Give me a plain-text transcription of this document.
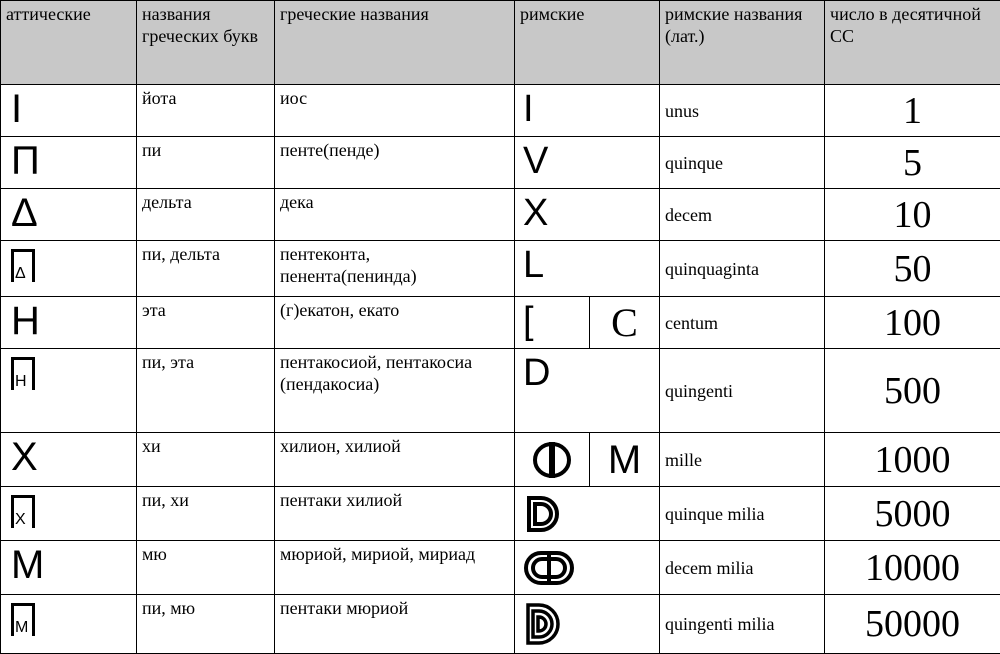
аттические	названия греческих букв	греческие названия	римские		римские названия (лат.)	число в десятичной СС
I	йота	иос	I		unus	1
П	пи	пенте(пенде)	V		quinque	5
Δ	дельта	дека	X		decem	10

Δ	пи, дельта	пентеконта, пенента(пенинда)	L		quinquaginta	50
H	эта	(г)екатон, екато	[	C	centum	100

H	пи, эта	пентакосиой, пентакосиа (пендакосиа)	D		quingenti	500
X	хи	хилион, хилиой		M	mille	1000

X	пи, хи	пентаки хилиой			quinque milia	5000
M	мю	мюриой, мириой, мириад			decem milia	10000

M	пи, мю	пентаки мюриой			quingenti milia	50000
